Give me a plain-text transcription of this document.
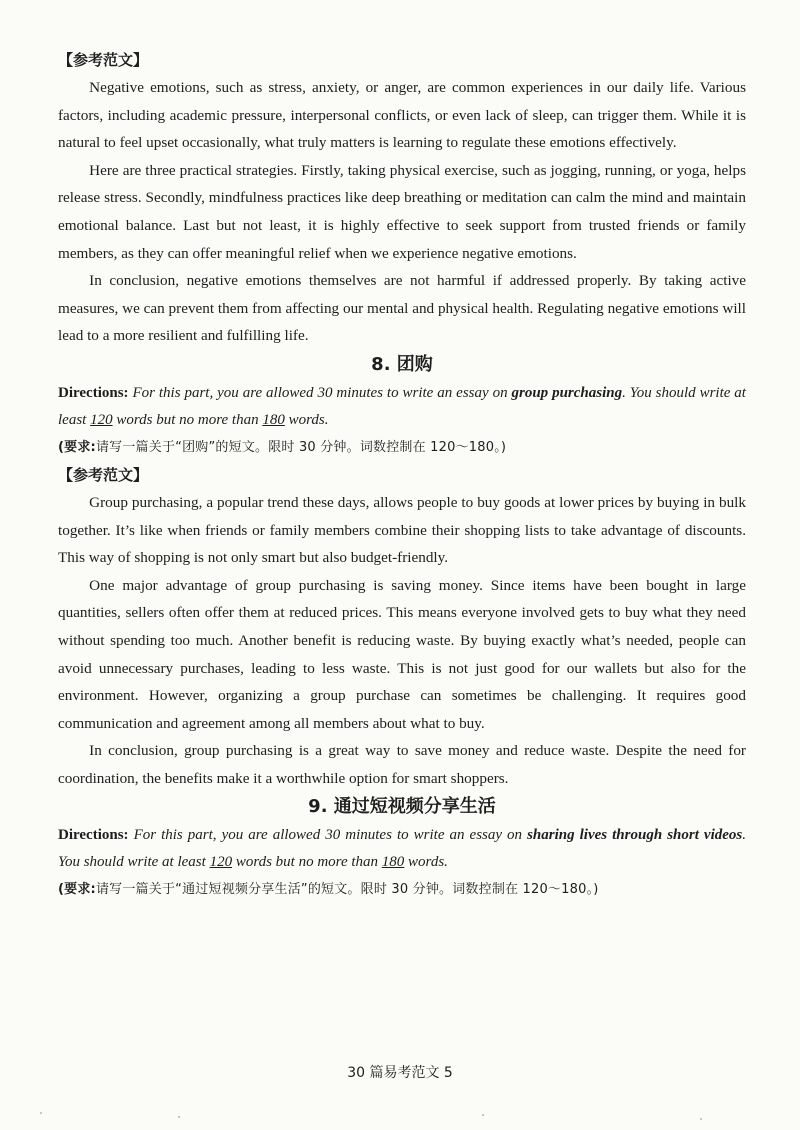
【参考范文】

Negative emotions, such as stress, anxiety, or anger, are common experiences in our daily life. Various factors, including academic pressure, interpersonal conflicts, or even lack of sleep, can trigger them. While it is natural to feel upset occasionally, what truly matters is learning to regulate these emotions effectively.

Here are three practical strategies. Firstly, taking physical exercise, such as jogging, running, or yoga, helps release stress. Secondly, mindfulness practices like deep breathing or meditation can calm the mind and maintain emotional balance. Last but not least, it is highly effective to seek support from trusted friends or family members, as they can offer meaningful relief when we experience negative emotions.

In conclusion, negative emotions themselves are not harmful if addressed properly. By taking active measures, we can prevent them from affecting our mental and physical health. Regulating negative emotions will lead to a more resilient and fulfilling life.

8. 团购

Directions: For this part, you are allowed 30 minutes to write an essay on group purchasing. You should write at least 120 words but no more than 180 words.

(要求:请写一篇关于“团购”的短文。限时 30 分钟。词数控制在 120～180。)

【参考范文】

Group purchasing, a popular trend these days, allows people to buy goods at lower prices by buying in bulk together. It’s like when friends or family members combine their shopping lists to take advantage of discounts. This way of shopping is not only smart but also budget-friendly.

One major advantage of group purchasing is saving money. Since items have been bought in large quantities, sellers often offer them at reduced prices. This means everyone involved gets to buy what they need without spending too much. Another benefit is reducing waste. By buying exactly what’s needed, people can avoid unnecessary purchases, leading to less waste. This is not just good for our wallets but also for the environment. However, organizing a group purchase can sometimes be challenging. It requires good communication and agreement among all members about what to buy.

In conclusion, group purchasing is a great way to save money and reduce waste. Despite the need for coordination, the benefits make it a worthwhile option for smart shoppers.

9. 通过短视频分享生活

Directions: For this part, you are allowed 30 minutes to write an essay on sharing lives through short videos. You should write at least 120 words but no more than 180 words.

(要求:请写一篇关于“通过短视频分享生活”的短文。限时 30 分钟。词数控制在 120～180。)

30 篇易考范文 5
